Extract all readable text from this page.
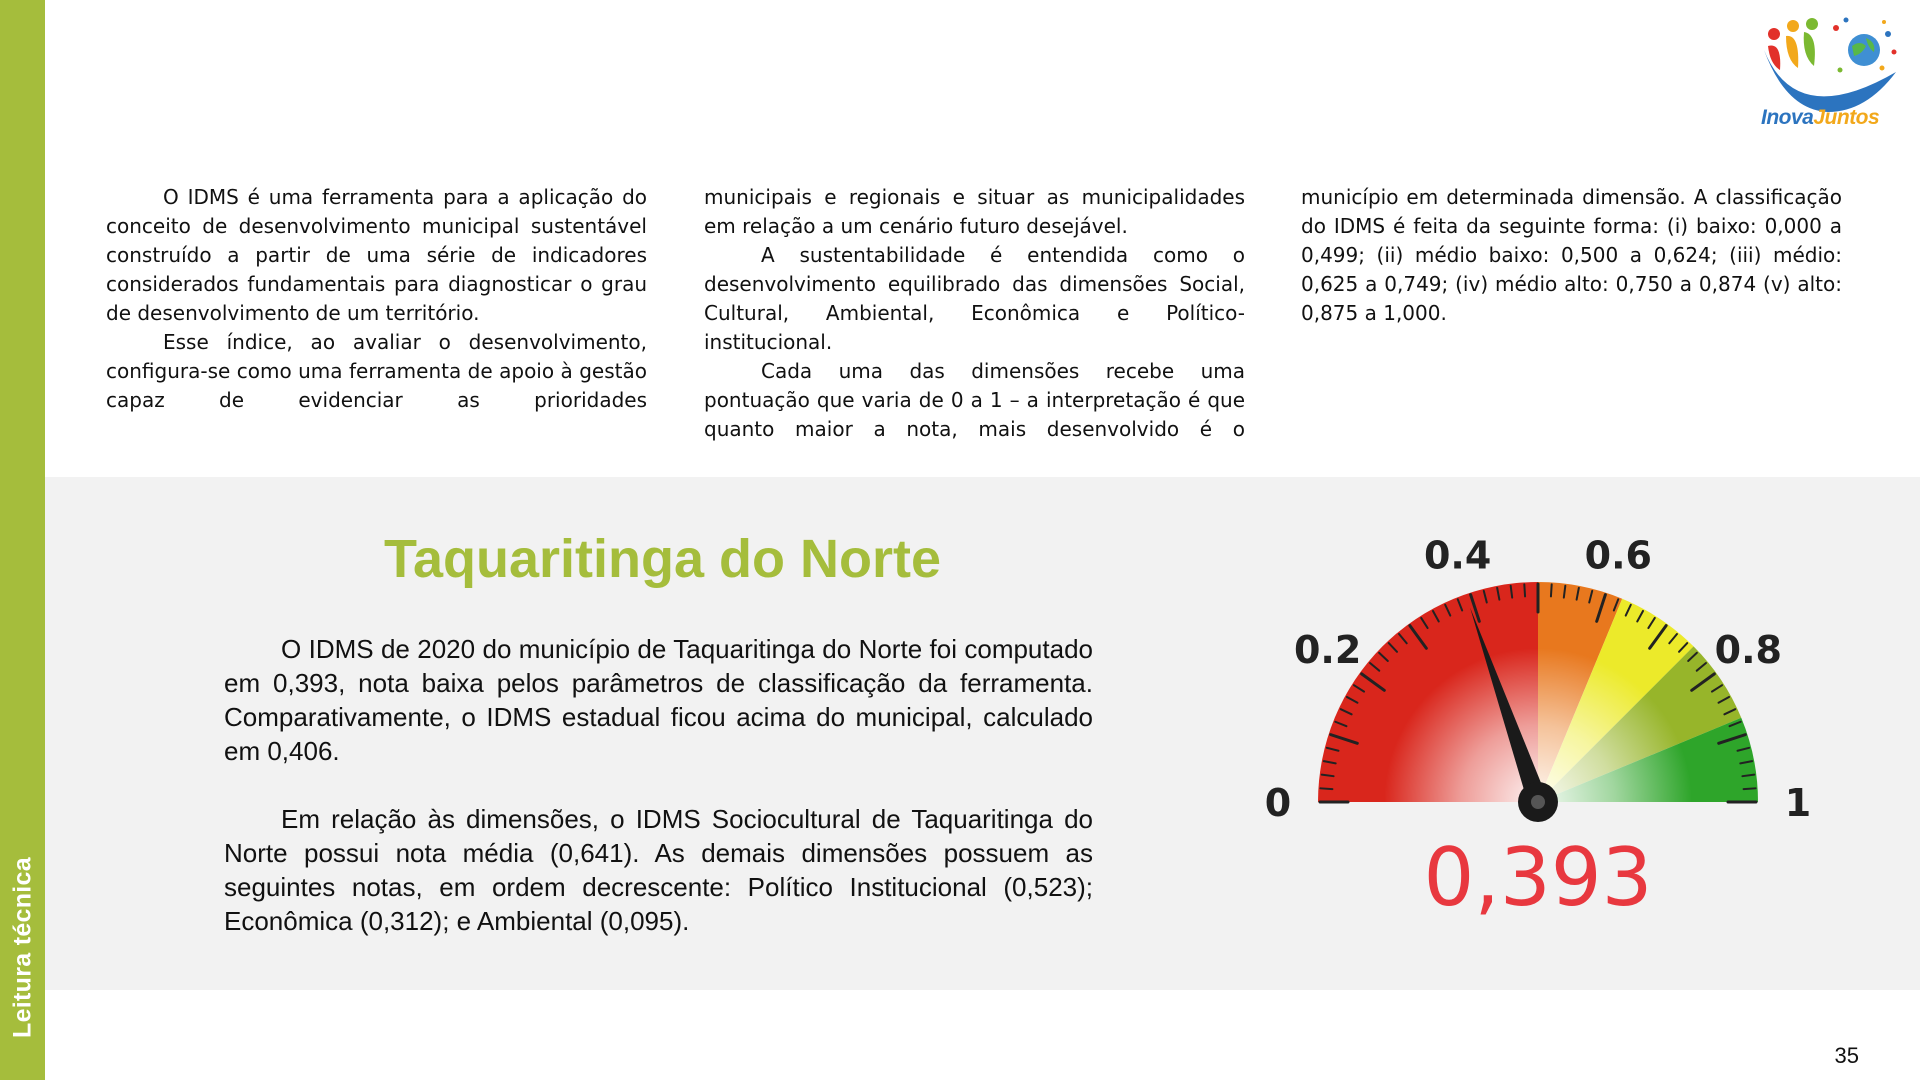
Leitura técnica
InovaJuntos

O IDMS é uma ferramenta para a aplicação do conceito de desenvolvimento municipal sustentável construído a partir de uma série de indicadores considerados fundamentais para diagnosticar o grau de desenvolvimento de um território.

Esse índice, ao avaliar o desenvolvimento, configura-se como uma ferramenta de apoio à gestão capaz de evidenciar as prioridades

municipais e regionais e situar as municipalidades em relação a um cenário futuro desejável.

A sustentabilidade é entendida como o desenvolvimento equilibrado das dimensões Social, Cultural, Ambiental, Econômica e Político-institucional.

Cada uma das dimensões recebe uma pontuação que varia de 0 a 1 – a interpretação é que quanto maior a nota, mais desenvolvido é o

município em determinada dimensão. A classificação do IDMS é feita da seguinte forma: (i) baixo: 0,000 a 0,499; (ii) médio baixo: 0,500 a 0,624; (iii) médio: 0,625 a 0,749; (iv) médio alto: 0,750 a 0,874 (v) alto: 0,875 a 1,000.

Taquaritinga do Norte

O IDMS de 2020 do município de Taquaritinga do Norte foi computado em 0,393, nota baixa pelos parâmetros de classificação da ferramenta. Comparativamente, o IDMS estadual ficou acima do municipal, calculado em 0,406.

Em relação às dimensões, o IDMS Sociocultural de Taquaritinga do Norte possui nota média (0,641). As demais dimensões possuem as seguintes notas, em ordem decrescente: Político Institucional (0,523); Econômica (0,312); e Ambiental (0,095).

0
0.2
0.4 0.6
0.8
1
0,393
35
